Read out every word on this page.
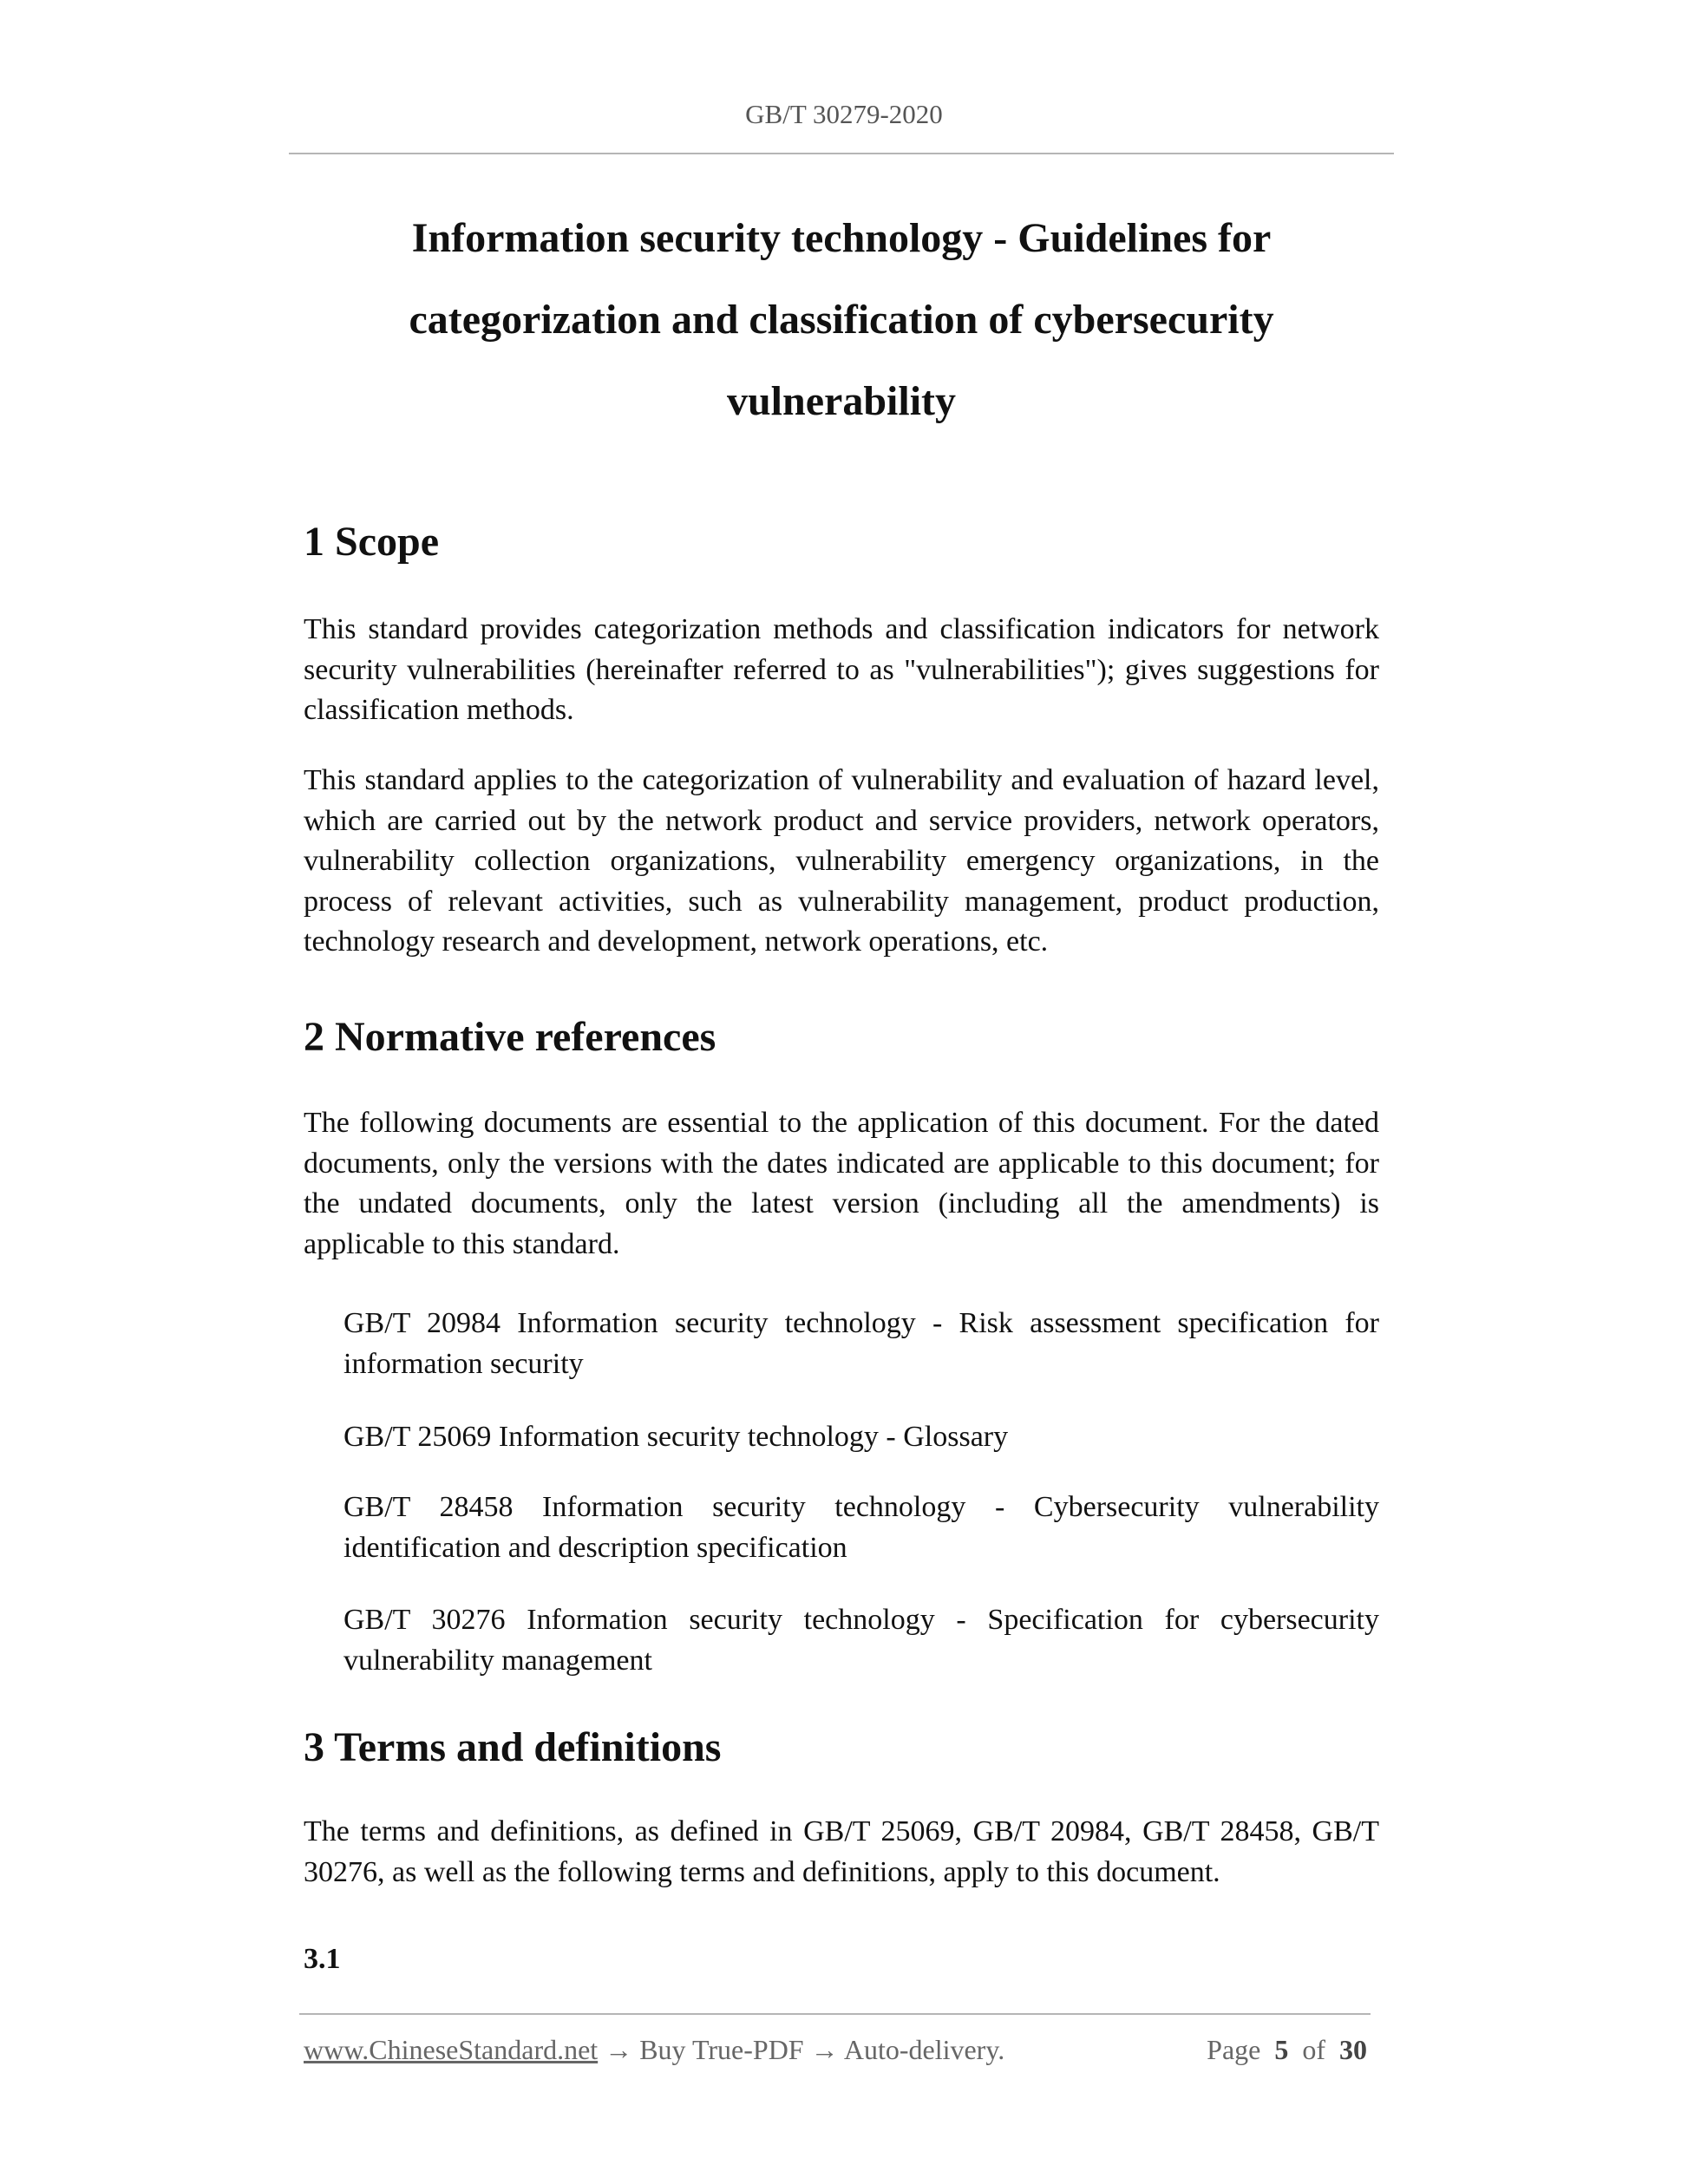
GB/T 30279-2020
Information security technology - Guidelines for
categorization and classification of cybersecurity
vulnerability
1 Scope

This standard provides categorization methods and classification indicators for network security vulnerabilities (hereinafter referred to as "vulnerabilities"); gives suggestions for classification methods.

This standard applies to the categorization of vulnerability and evaluation of hazard level, which are carried out by the network product and service providers, network operators, vulnerability collection organizations, vulnerability emergency organizations, in the process of relevant activities, such as vulnerability management, product production, technology research and development, network operations, etc.

2 Normative references

The following documents are essential to the application of this document. For the dated documents, only the versions with the dates indicated are applicable to this document; for the undated documents, only the latest version (including all the amendments) is applicable to this standard.

GB/T 20984 Information security technology - Risk assessment specification for information security

GB/T 25069 Information security technology - Glossary

GB/T 28458 Information security technology - Cybersecurity vulnerability identification and description specification

GB/T 30276 Information security technology - Specification for cybersecurity vulnerability management

3 Terms and definitions

The terms and definitions, as defined in GB/T 25069, GB/T 20984, GB/T 28458, GB/T 30276, as well as the following terms and definitions, apply to this document.

3.1
www.ChineseStandard.net → Buy True-PDF → Auto-delivery.	Page 5 of 30
